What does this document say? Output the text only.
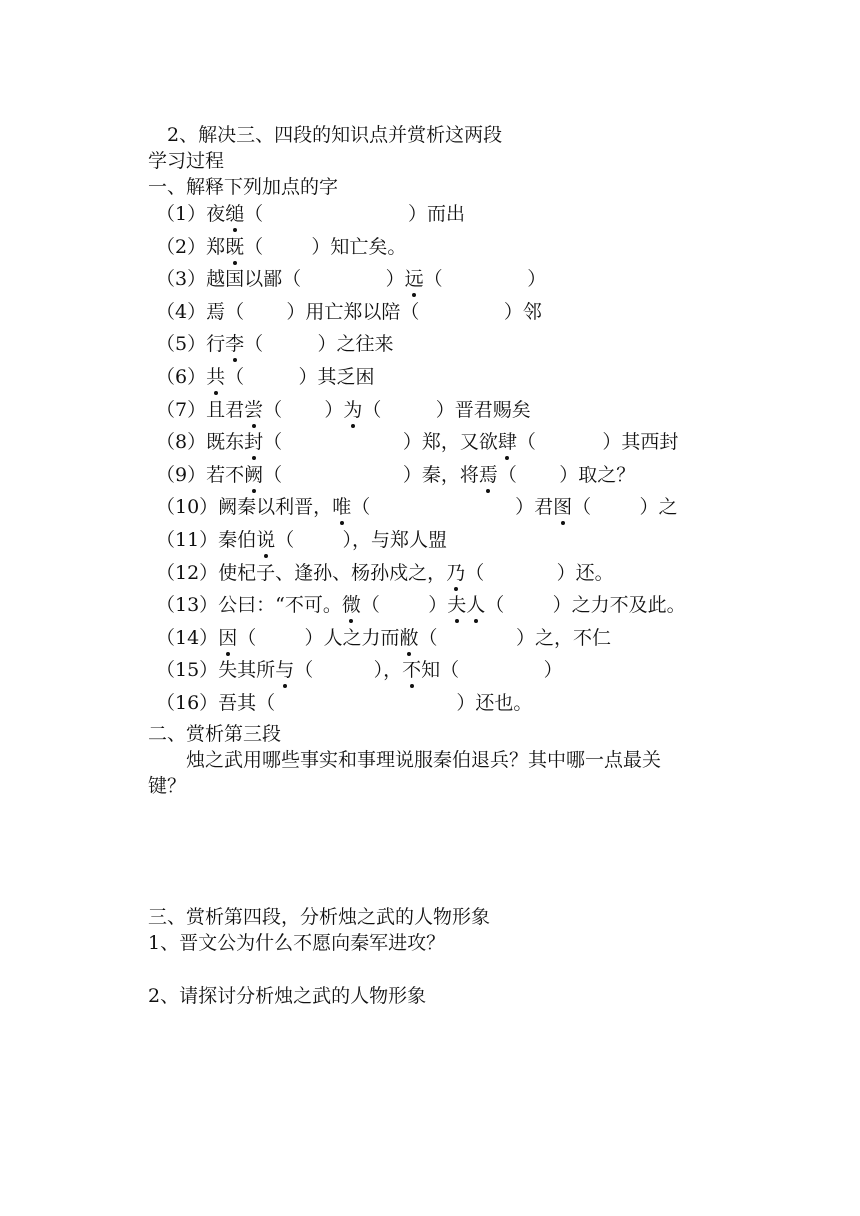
　2、解决三、四段的知识点并赏析这两段
学习过程
一、解释下列加点的字
（1）夜缒（                        ）而出
（2）郑既（        ）知亡矣。
（3）越国以鄙（              ）远（              ）
（4）焉（       ）用亡郑以陪（              ）邻
（5）行李（         ）之往来
（6）共（         ）其乏困
（7）且君尝（       ）为（         ）晋君赐矣
（8）既东封（                    ）郑，又欲肆（           ）其西封
（9）若不阙（                    ）秦，将焉（       ）取之？
（10）阙秦以利晋，唯（                        ）君图（        ）之
（11）秦伯说（        ），与郑人盟
（12）使杞子、逢孙、杨孙戍之，乃（            ）还。
（13）公曰：“不可。微（        ）夫人（        ）之力不及此。
（14）因（        ）人之力而敝（             ）之，不仁
（15）失其所与（          ），不知（              ）
（16）吾其（                              ）还也。
二、赏析第三段
　　烛之武用哪些事实和事理说服秦伯退兵？其中哪一点最关
键？
三、赏析第四段，分析烛之武的人物形象
1、晋文公为什么不愿向秦军进攻？
2、请探讨分析烛之武的人物形象
